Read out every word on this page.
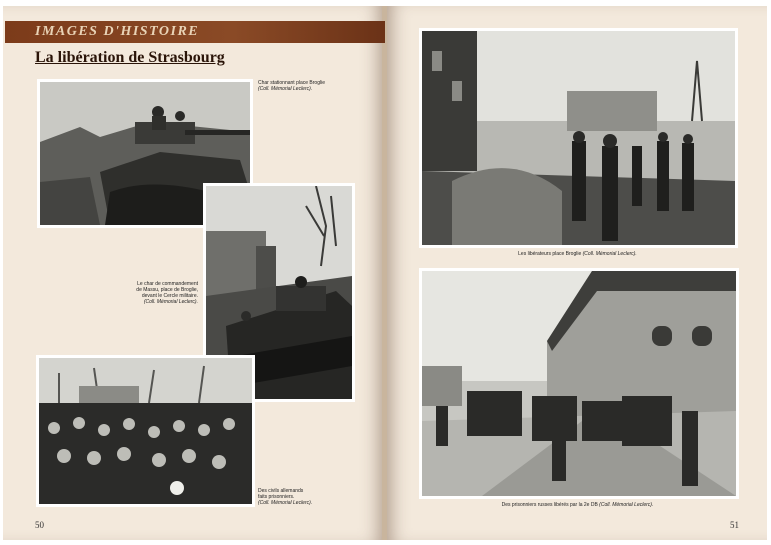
IMAGES D'HISTOIRE
La libération de Strasbourg
Char stationnant place Broglie
(Coll. Mémorial Leclerc).
Le char de commandement
de Massu, place de Broglie,
devant le Cercle militaire.
(Coll. Mémorial Leclerc).
Des civils allemands
faits prisonniers.
(Coll. Mémorial Leclerc).
50
Les libérateurs place Broglie (Coll. Mémorial Leclerc).
Des prisonniers russes libérés par la 2e DB (Coll. Mémorial Leclerc).
51
